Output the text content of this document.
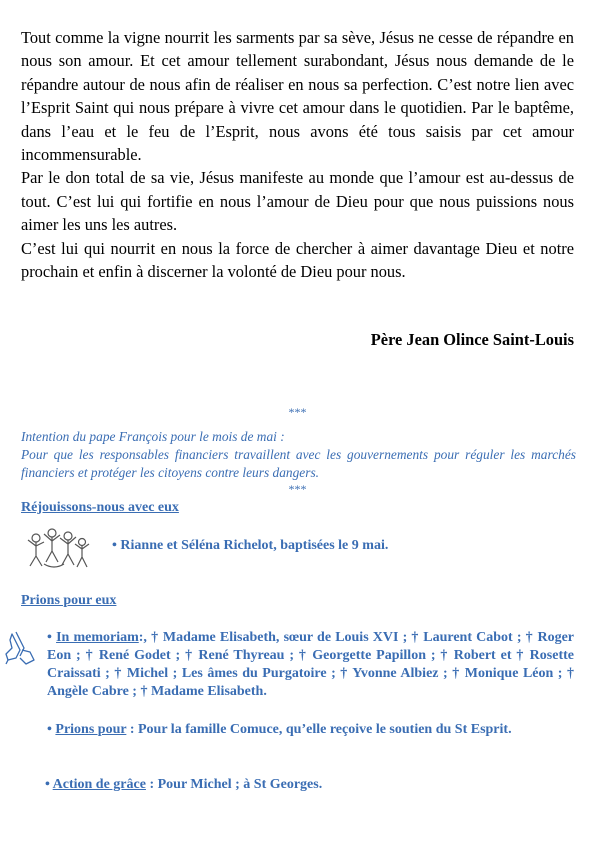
Tout comme la vigne nourrit les sarments par sa sève, Jésus ne cesse de répandre en nous son amour. Et cet amour tellement surabondant, Jésus nous demande de le répandre autour de nous afin de réaliser en nous sa perfection. C’est notre lien avec l’Esprit Saint qui nous prépare à vivre cet amour dans le quotidien. Par le baptême, dans l’eau et le feu de l’Esprit, nous avons été tous saisis par cet amour incommensurable.

Par le don total de sa vie, Jésus manifeste au monde que l’amour est au-dessus de tout. C’est lui qui fortifie en nous l’amour de Dieu pour que nous puissions nous aimer les uns les autres.

C’est lui qui nourrit en nous la force de chercher à aimer davantage Dieu et notre prochain et enfin à discerner la volonté de Dieu pour nous.

Père Jean Olince Saint-Louis
***
Intention du pape François pour le mois de mai :
Pour que les responsables financiers travaillent avec les gouvernements pour réguler les marchés financiers et protéger les citoyens contre leurs dangers.
***
Réjouissons-nous avec eux
• Rianne et Séléna Richelot, baptisées le 9 mai.
Prions pour eux
• In memoriam:, † Madame Elisabeth, sœur de Louis XVI ; † Laurent Cabot ; † Roger Eon ; † René Godet ; † René Thyreau ; † Georgette Papillon ; † Robert et † Rosette Craissati ; † Michel ; Les âmes du Purgatoire ; † Yvonne Albiez ; † Monique Léon ; † Angèle Cabre ; † Madame Elisabeth.
• Prions pour : Pour la famille Comuce, qu’elle reçoive le soutien du St Esprit.
• Action de grâce : Pour Michel ; à St Georges.
